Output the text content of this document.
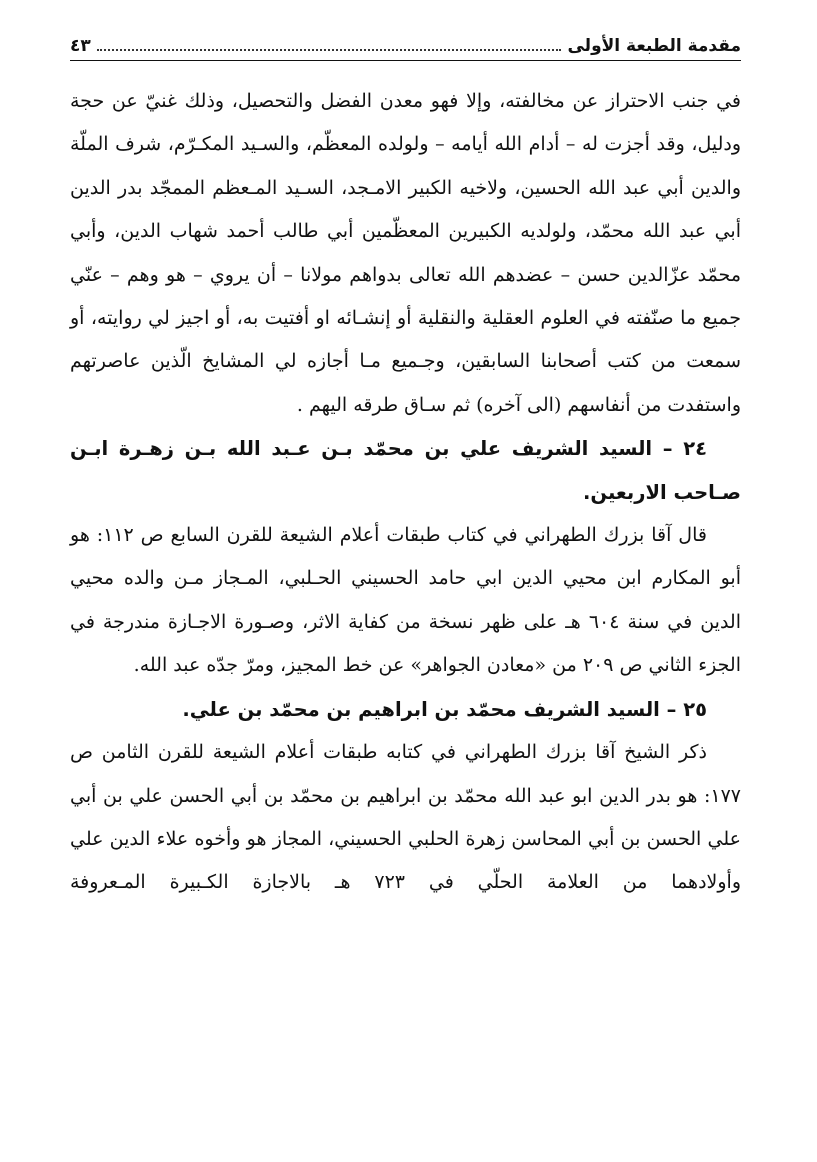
مقدمة الطبعة الأولى
٤٣

في جنب الاحتراز عن مخالفته، وإلا فهو معدن الفضل والتحصيل، وذلك غنيّ عن حجة ودليل، وقد أجزت له – أدام الله أيامه – ولولده المعظّم، والسـيد المكـرّم، شرف الملّة والدين أبي عبد الله الحسين، ولاخيه الكبير الامـجد، السـيد المـعظم الممجّد بدر الدين أبي عبد الله محمّد، ولولديه الكبيرين المعظّمين أبي طالب أحمد شهاب الدين، وأبي محمّد عزّالدين حسن – عضدهم الله تعالى بدواهم مولانا – أن يروي – هو وهم – عنّي جميع ما صنّفته في العلوم العقلية والنقلية أو إنشـائه او أفتيت به، أو اجيز لي روايته، أو سمعت من كتب أصحابنا السابقين، وجـميع مـا أجازه لي المشايخ الّذين عاصرتهم واستفدت من أنفاسهم (الى آخره) ثم سـاق طرقه اليهم .

٢٤ – السيد الشريف علي بن محمّد بـن عـبد الله بـن زهـرة ابـن صـاحب الاربعين.

قال آقا بزرك الطهراني في كتاب طبقات أعلام الشيعة للقرن السابع ص ١١٢: هو أبو المكارم ابن محيي الدين ابي حامد الحسيني الحـلبي، المـجاز مـن والده محيي الدين في سنة ٦٠٤ هـ على ظهر نسخة من كفاية الاثر، وصـورة الاجـازة مندرجة في الجزء الثاني ص ٢٠٩ من «معادن الجواهر» عن خط المجيز، ومرّ جدّه عبد الله.

٢٥ – السيد الشريف محمّد بن ابراهيم بن محمّد بن علي.

ذكر الشيخ آقا بزرك الطهراني في كتابه طبقات أعلام الشيعة للقرن الثامن ص ١٧٧: هو بدر الدين ابو عبد الله محمّد بن ابراهيم بن محمّد بن أبي الحسن علي بن أبي علي الحسن بن أبي المحاسن زهرة الحلبي الحسيني، المجاز هو وأخوه علاء الدين علي وأولادهما من العلامة الحلّي في ٧٢٣ هـ بالاجازة الكـبيرة المـعروفة
